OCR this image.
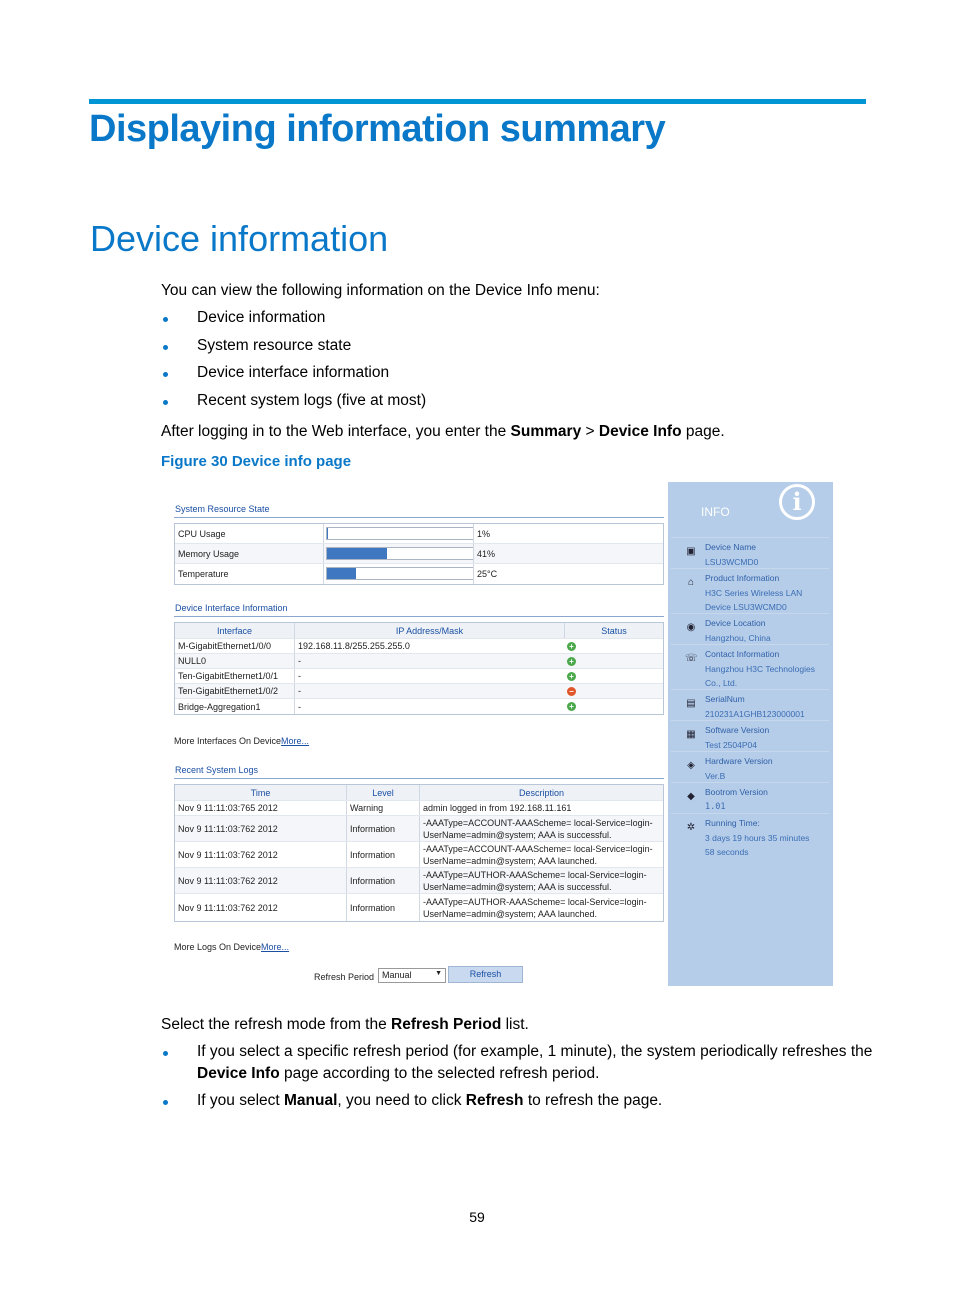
Displaying information summary
Device information
You can view the following information on the Device Info menu:
Device information
System resource state
Device interface information
Recent system logs (five at most)
After logging in to the Web interface, you enter the Summary > Device Info page.
Figure 30 Device info page
System Resource State
CPU Usage	1%
Memory Usage	41%
Temperature	25°C
Device Interface Information
Interface	IP Address/Mask	Status
M-GigabitEthernet1/0/0	192.168.11.8/255.255.255.0	+
NULL0	-	+
Ten-GigabitEthernet1/0/1	-	+
Ten-GigabitEthernet1/0/2	-	−
Bridge-Aggregation1	-	+
More Interfaces On DeviceMore...
Recent System Logs
Time	Level	Description
Nov 9 11:11:03:765 2012	Warning	admin logged in from 192.168.11.161
Nov 9 11:11:03:762 2012	Information
-AAAType=ACCOUNT-AAAScheme= local-Service=login-
UserName=admin@system; AAA is successful.
Nov 9 11:11:03:762 2012	Information
-AAAType=ACCOUNT-AAAScheme= local-Service=login-
UserName=admin@system; AAA launched.
Nov 9 11:11:03:762 2012	Information
-AAAType=AUTHOR-AAAScheme= local-Service=login-
UserName=admin@system; AAA is successful.
Nov 9 11:11:03:762 2012	Information
-AAAType=AUTHOR-AAAScheme= local-Service=login-
UserName=admin@system; AAA launched.
More Logs On DeviceMore...
Refresh Period Manual	▼	Refresh
INFO	i
▣ Device Name
LSU3WCMD0
⌂	Product Information
H3C Series Wireless LAN
Device LSU3WCMD0
◉ Device Location
Hangzhou, China
☏ Contact Information
Hangzhou H3C Technologies
Co., Ltd.
▤ SerialNum
210231A1GHB123000001
▦ Software Version
Test 2504P04
◈ Hardware Version
Ver.B
◆ Bootrom Version
1.01
✲ Running Time:
3 days 19 hours 35 minutes
58 seconds
Select the refresh mode from the Refresh Period list.
If you select a specific refresh period (for example, 1 minute), the system periodically refreshes the
Device Info page according to the selected refresh period.
If you select Manual, you need to click Refresh to refresh the page.
59
